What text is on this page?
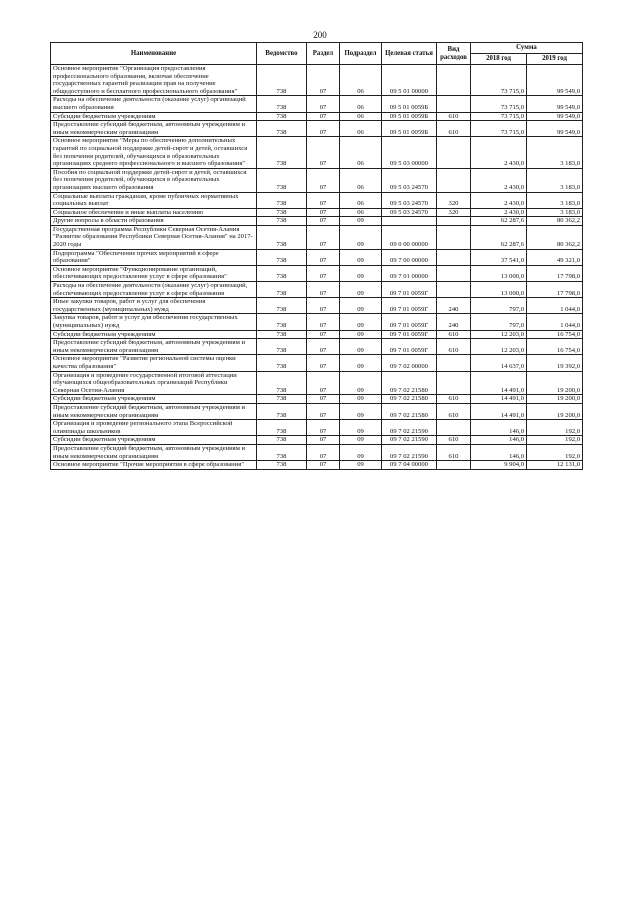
200
Наименование	Ведомство	Раздел	Подраздел	Целевая статья	Вид расходов	Сумма	
						2018 год	2019 год
Основное мероприятие "Организация предоставления профессионального образования, включая обеспечение государственных гарантий реализации прав на получение общедоступного и бесплатного профессионального образования"	738	07	06	09 5 01 00000		73 715,0	99 549,0
Расходы на обеспечение деятельности (оказание услуг) организаций высшего образования	738	07	06	09 5 01 0059Б		73 715,0	99 549,0
Субсидии бюджетным учреждениям	738	07	06	09 5 01 0059Б	610	73 715,0	99 549,0
Предоставление субсидий бюджетным, автономным учреждениям и иным некоммерческим организациям	738	07	06	09 5 01 0059Б	610	73 715,0	99 549,0
Основное мероприятие "Меры по обеспечению дополнительных гарантий по социальной поддержке детей-сирот и детей, оставшихся без попечения родителей, обучающихся в образовательных организациях среднего профессионального и высшего образования"	738	07	06	09 5 03 00000		2 430,0	3 183,0
Пособия по социальной поддержке детей-сирот и детей, оставшихся без попечения родителей, обучающихся в образовательных организациях высшего образования	738	07	06	09 5 03 24570		2 430,0	3 183,0
Социальные выплаты гражданам, кроме публичных нормативных социальных выплат	738	07	06	09 5 03 24570	320	2 430,0	3 183,0
Социальное обеспечение и иные выплаты населению	738	07	06	09 5 03 24570	320	2 430,0	3 183,0
Другие вопросы в области образования	738	07	09			62 287,6	80 362,2
Государственная программа Республики Северная Осетия-Алания "Развитие образования Республики Северная Осетия-Алания" на 2017-2020 годы	738	07	09	09 0 00 00000		62 287,6	80 362,2
Подпрограмма "Обеспечение прочих мероприятий в сфере образования"	738	07	09	09 7 00 00000		37 541,0	49 321,0
Основное мероприятие "Функционирование организаций, обеспечивающих предоставление услуг в сфере образования"	738	07	09	09 7 01 00000		13 000,0	17 798,0
Расходы на обеспечение деятельности (оказание услуг) организаций, обеспечивающих предоставление услуг в сфере образования	738	07	09	09 7 01 0059Г		13 000,0	17 798,0
Иные закупки товаров, работ и услуг для обеспечения государственных (муниципальных) нужд	738	07	09	09 7 01 0059Г	240	797,0	1 044,0
Закупка товаров, работ и услуг для обеспечения государственных (муниципальных) нужд	738	07	09	09 7 01 0059Г	240	797,0	1 044,0
Субсидии бюджетным учреждениям	738	07	09	09 7 01 0059Г	610	12 203,0	16 754,0
Предоставление субсидий бюджетным, автономным учреждениям и иным некоммерческим организациям	738	07	09	09 7 01 0059Г	610	12 203,0	16 754,0
Основное мероприятие "Развитие региональной системы оценки качества образования"	738	07	09	09 7 02 00000		14 637,0	19 392,0
Организация и проведение государственной итоговой аттестации обучающихся общеобразовательных организаций Республики Северная Осетия-Алания	738	07	09	09 7 02 21580		14 491,0	19 200,0
Субсидии бюджетным учреждениям	738	07	09	09 7 02 21580	610	14 491,0	19 200,0
Предоставление субсидий бюджетным, автономным учреждениям и иным некоммерческим организациям	738	07	09	09 7 02 21580	610	14 491,0	19 200,0
Организация и проведение регионального этапа Всероссийской олимпиады школьников	738	07	09	09 7 02 21590		146,0	192,0
Субсидии бюджетным учреждениям	738	07	09	09 7 02 21590	610	146,0	192,0
Предоставление субсидий бюджетным, автономным учреждениям и иным некоммерческим организациям	738	07	09	09 7 02 21590	610	146,0	192,0
Основное мероприятие "Прочие мероприятия в сфере образования"	738	07	09	09 7 04 00000		9 904,0	12 131,0
